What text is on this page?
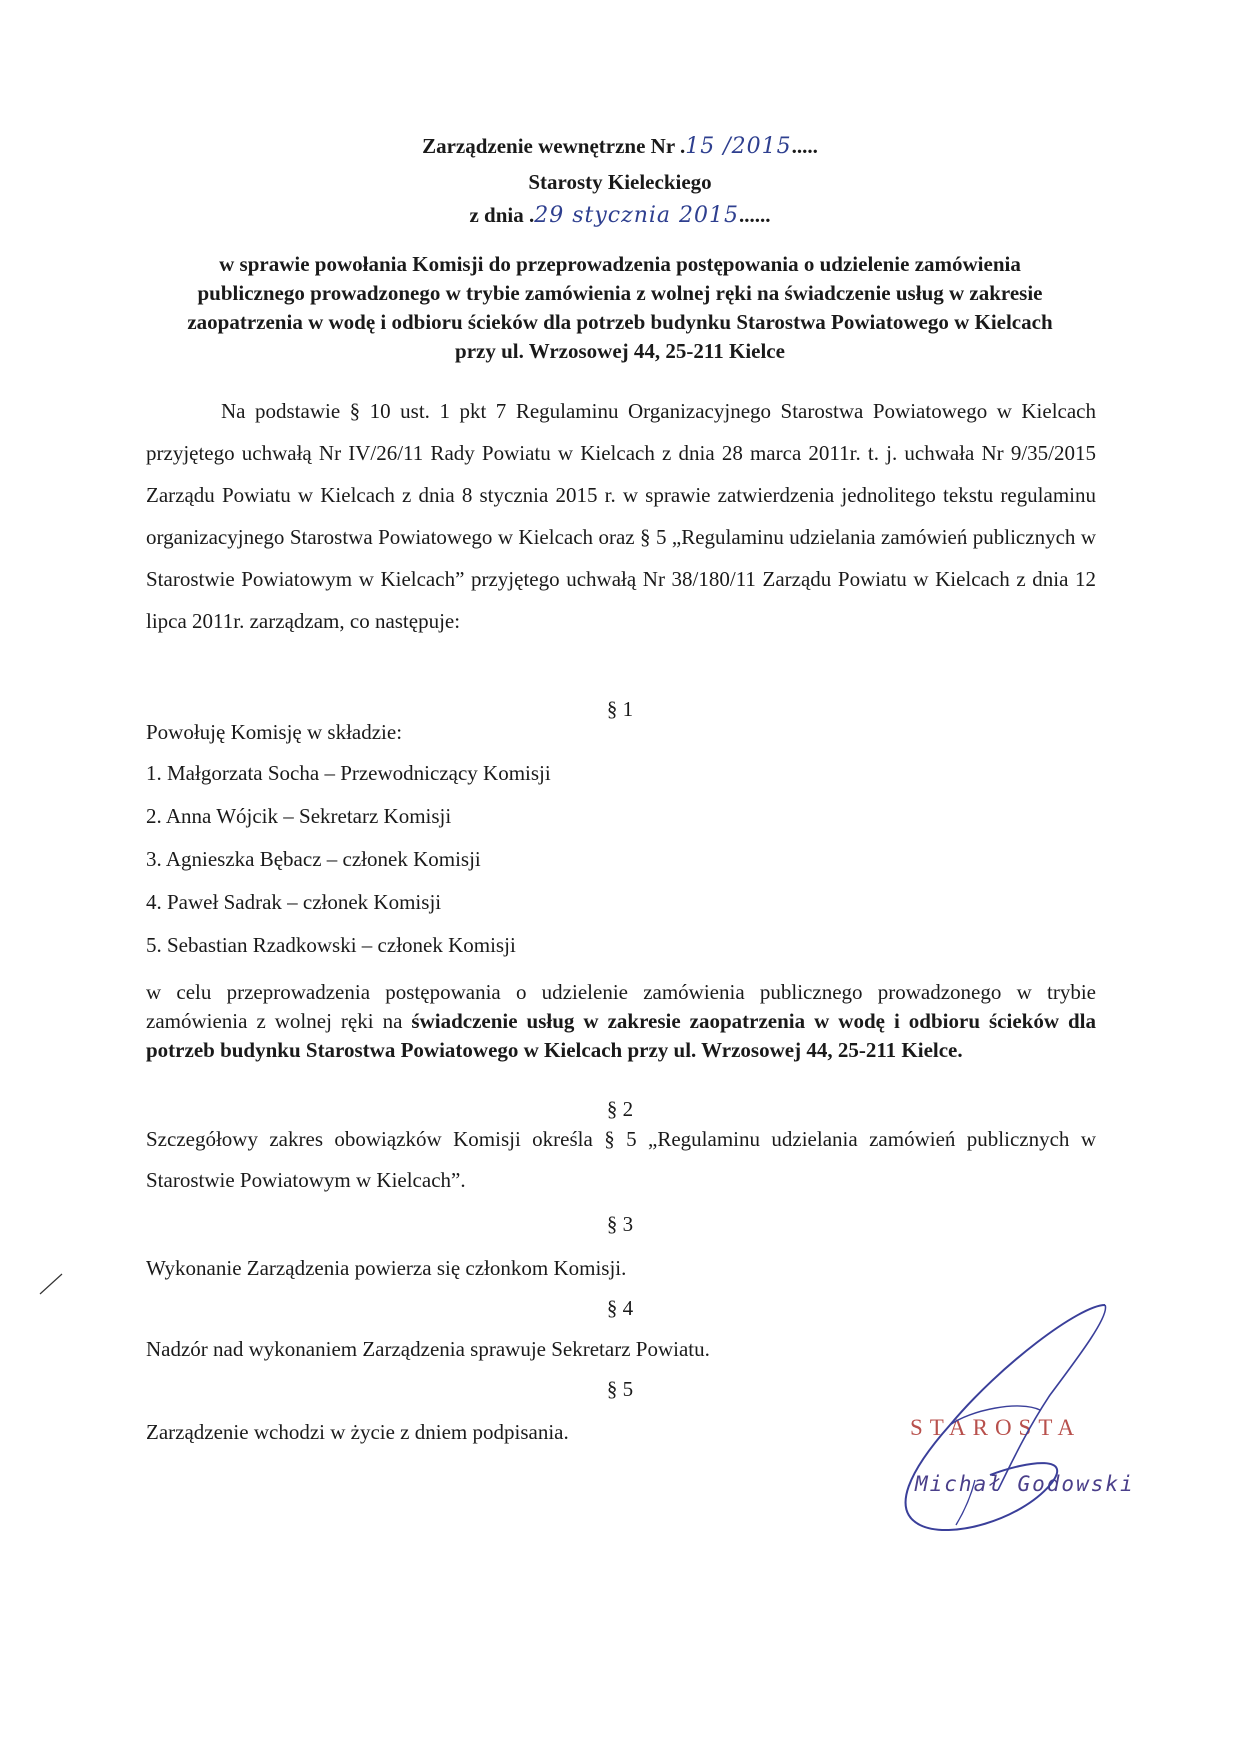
Zarządzenie wewnętrzne Nr .15 /2015.....
Starosty Kieleckiego
z dnia .29 stycznia 2015......
w sprawie powołania Komisji do przeprowadzenia postępowania o udzielenie zamówienia publicznego prowadzonego w trybie zamówienia z wolnej ręki na świadczenie usług w zakresie zaopatrzenia w wodę i odbioru ścieków dla potrzeb budynku Starostwa Powiatowego w Kielcach przy ul. Wrzosowej 44, 25-211 Kielce
Na podstawie § 10 ust. 1 pkt 7 Regulaminu Organizacyjnego Starostwa Powiatowego w Kielcach przyjętego uchwałą Nr IV/26/11 Rady Powiatu w Kielcach z dnia 28 marca 2011r. t. j. uchwała Nr 9/35/2015 Zarządu Powiatu w Kielcach z dnia 8 stycznia 2015 r. w sprawie zatwierdzenia jednolitego tekstu regulaminu organizacyjnego Starostwa Powiatowego w Kielcach oraz § 5 „Regulaminu udzielania zamówień publicznych w Starostwie Powiatowym w Kielcach” przyjętego uchwałą Nr 38/180/11 Zarządu Powiatu w Kielcach z dnia 12 lipca 2011r. zarządzam, co następuje:
§ 1
Powołuję Komisję w składzie:
1. Małgorzata Socha – Przewodniczący Komisji
2. Anna Wójcik – Sekretarz Komisji
3. Agnieszka Bębacz – członek Komisji
4. Paweł Sadrak – członek Komisji
5. Sebastian Rzadkowski – członek Komisji
w celu przeprowadzenia postępowania o udzielenie zamówienia publicznego prowadzonego w trybie zamówienia z wolnej ręki na świadczenie usług w zakresie zaopatrzenia w wodę i odbioru ścieków dla potrzeb budynku Starostwa Powiatowego w Kielcach przy ul. Wrzosowej 44, 25-211 Kielce.
§ 2
Szczegółowy zakres obowiązków Komisji określa § 5 „Regulaminu udzielania zamówień publicznych w Starostwie Powiatowym w Kielcach”.
§ 3
Wykonanie Zarządzenia powierza się członkom Komisji.
§ 4
Nadzór nad wykonaniem Zarządzenia sprawuje Sekretarz Powiatu.
§ 5
Zarządzenie wchodzi w życie z dniem podpisania.	STAROSTA
Michał Godowski
